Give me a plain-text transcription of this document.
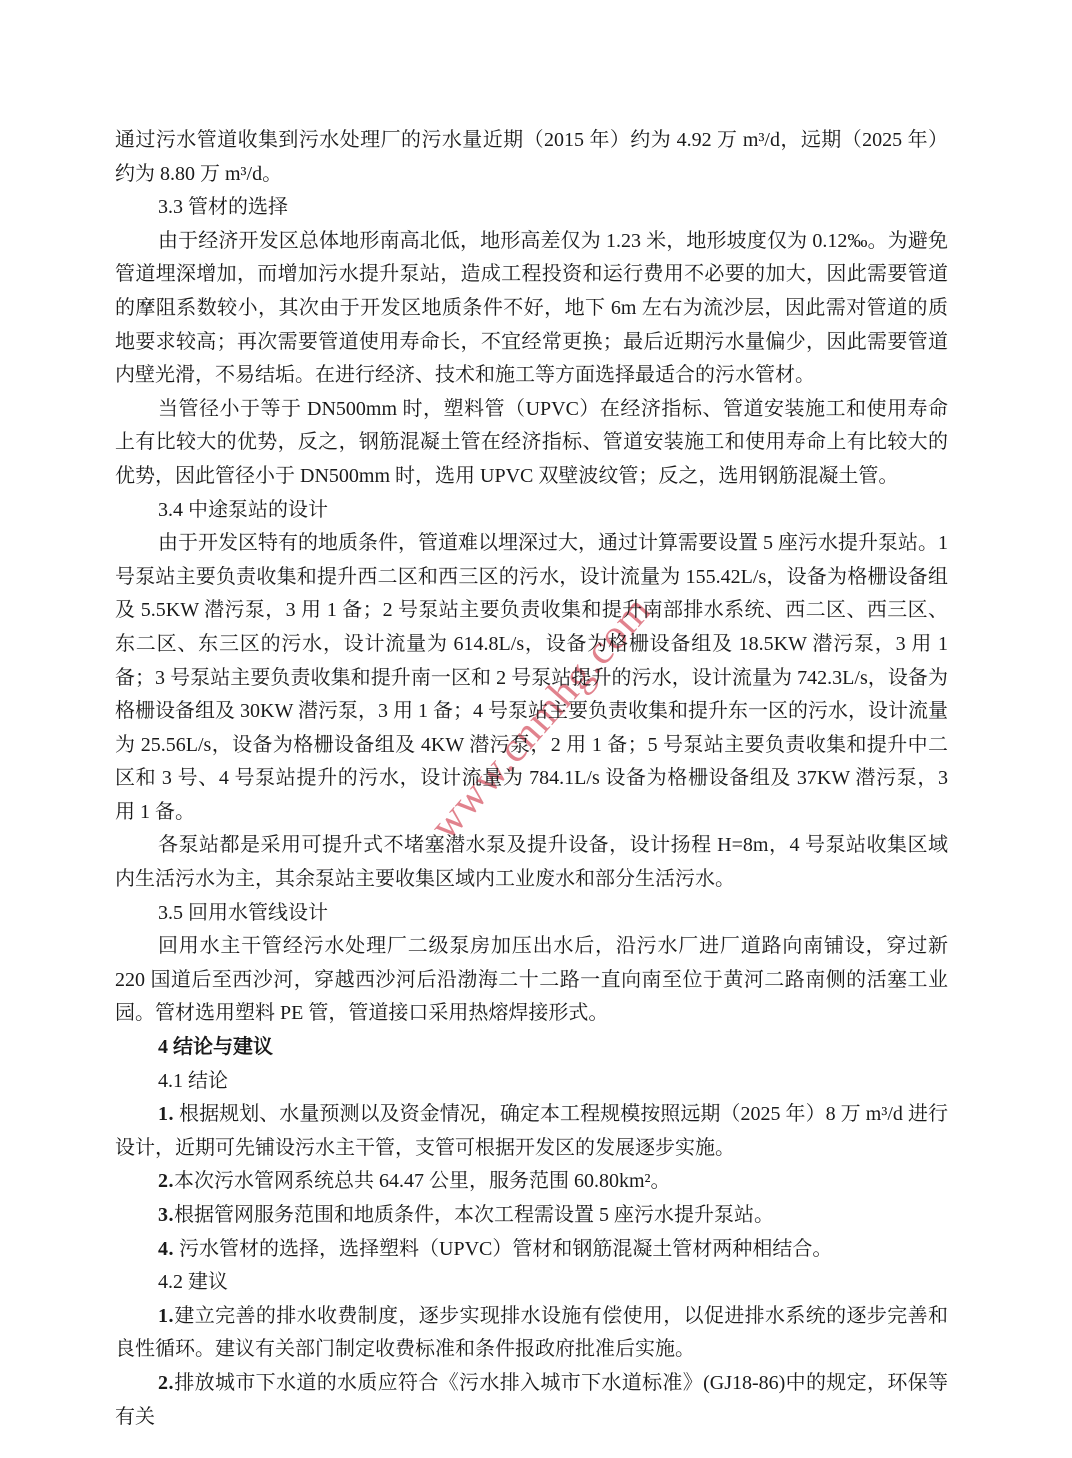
www.cnmhg.com

通过污水管道收集到污水处理厂的污水量近期（2015 年）约为 4.92 万 m³/d，远期（2025 年）约为 8.80 万 m³/d。

3.3 管材的选择

由于经济开发区总体地形南高北低，地形高差仅为 1.23 米，地形坡度仅为 0.12‰。为避免管道埋深增加，而增加污水提升泵站，造成工程投资和运行费用不必要的加大，因此需要管道的摩阻系数较小，其次由于开发区地质条件不好，地下 6m 左右为流沙层，因此需对管道的质地要求较高；再次需要管道使用寿命长，不宜经常更换；最后近期污水量偏少，因此需要管道内壁光滑，不易结垢。在进行经济、技术和施工等方面选择最适合的污水管材。

当管径小于等于 DN500mm 时，塑料管（UPVC）在经济指标、管道安装施工和使用寿命上有比较大的优势，反之，钢筋混凝土管在经济指标、管道安装施工和使用寿命上有比较大的优势，因此管径小于 DN500mm 时，选用 UPVC 双壁波纹管；反之，选用钢筋混凝土管。

3.4 中途泵站的设计

由于开发区特有的地质条件，管道难以埋深过大，通过计算需要设置 5 座污水提升泵站。1 号泵站主要负责收集和提升西二区和西三区的污水，设计流量为 155.42L/s，设备为格栅设备组及 5.5KW 潜污泵，3 用 1 备；2 号泵站主要负责收集和提升南部排水系统、西二区、西三区、东二区、东三区的污水，设计流量为 614.8L/s，设备为格栅设备组及 18.5KW 潜污泵，3 用 1 备；3 号泵站主要负责收集和提升南一区和 2 号泵站提升的污水，设计流量为 742.3L/s，设备为格栅设备组及 30KW 潜污泵，3 用 1 备；4 号泵站主要负责收集和提升东一区的污水，设计流量为 25.56L/s，设备为格栅设备组及 4KW 潜污泵，2 用 1 备；5 号泵站主要负责收集和提升中二区和 3 号、4 号泵站提升的污水，设计流量为 784.1L/s 设备为格栅设备组及 37KW 潜污泵，3 用 1 备。

各泵站都是采用可提升式不堵塞潜水泵及提升设备，设计扬程 H=8m，4 号泵站收集区域内生活污水为主，其余泵站主要收集区域内工业废水和部分生活污水。

3.5 回用水管线设计

回用水主干管经污水处理厂二级泵房加压出水后，沿污水厂进厂道路向南铺设，穿过新 220 国道后至西沙河，穿越西沙河后沿渤海二十二路一直向南至位于黄河二路南侧的活塞工业园。管材选用塑料 PE 管，管道接口采用热熔焊接形式。

4 结论与建议

4.1 结论

1. 根据规划、水量预测以及资金情况，确定本工程规模按照远期（2025 年）8 万 m³/d 进行设计，近期可先铺设污水主干管，支管可根据开发区的发展逐步实施。

2.本次污水管网系统总共 64.47 公里，服务范围 60.80km²。

3.根据管网服务范围和地质条件，本次工程需设置 5 座污水提升泵站。

4. 污水管材的选择，选择塑料（UPVC）管材和钢筋混凝土管材两种相结合。

4.2 建议

1.建立完善的排水收费制度，逐步实现排水设施有偿使用，以促进排水系统的逐步完善和良性循环。建议有关部门制定收费标准和条件报政府批准后实施。

2.排放城市下水道的水质应符合《污水排入城市下水道标准》(GJ18-86)中的规定，环保等有关
